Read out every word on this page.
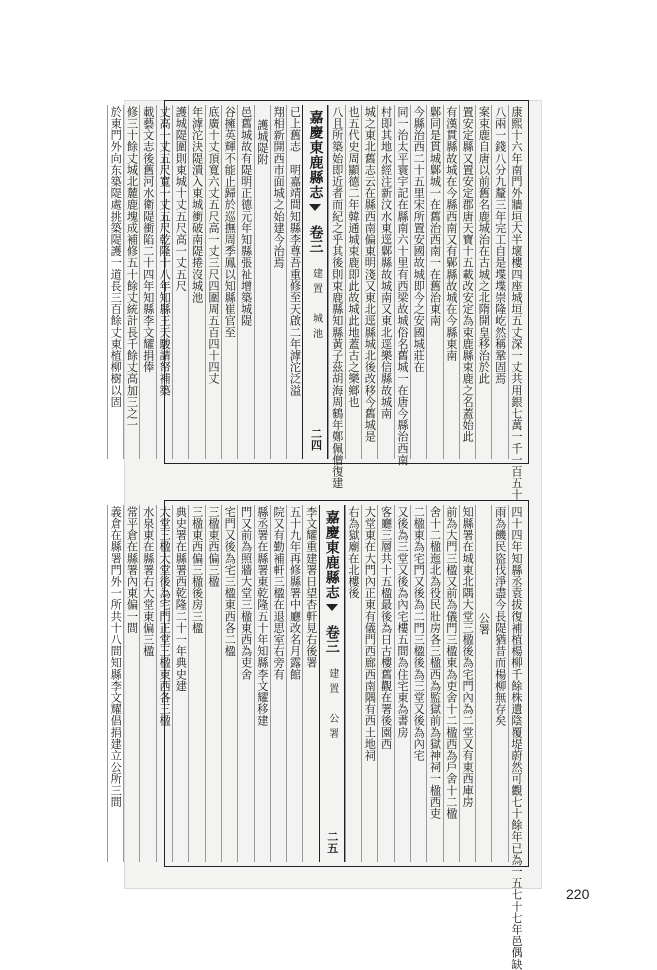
康熙十六年南門外牆垣大半壞樓四座城垣五丈深一丈共用銀七萬一千一百五十
八兩一錢八分九釐三年完工自是堞堞崇隆屹然稱鞏固焉
案束鹿自唐以前舊名鹿城治在古城之北隋開皇移治於此
置安定縣又置安定郡唐天寶十五載改安定為束鹿縣束鹿之名蓋始此
有漢貫縣故城在今縣西南又有鄡縣故城在今縣東南
鄡同是貫城鄡城一在舊治西南一在舊治東南
今縣治西二十五里宋所置安國故城即今之安國城莊在
同一治太平寰宇記在縣南六十里有西梁故城俗名舊城一在唐今縣治西南
村即其地水經注新汶水東逕鄡縣故城南又東北逕樂信縣故城南
城之東北舊志云在縣西南偏東明淺又東北逕縣城北後改移今舊城是
也五代史周顯德二年韓通城束鹿即此故城此地蓋古之樂鄉也
八且所築始即近者而紀之乎其後則束鹿縣知縣黃子茲胡海周鶴年鄭佩僧復建
嘉慶東鹿縣志
卷三
建置　城池
二四
已上舊志　明嘉靖間知縣李尊吾重修至天啟二年滹沱泛溢
翔相新開西市面城之始建今治焉
護城隄附
邑舊城故有隄明正德元年知縣張祉增築城隄
谷擁英輝不能止歸於巡撫周季鳳以知縣崔官至
底廣十丈頂寬六丈五尺高一丈三尺四圍周五百四十四丈
年滹沱決隄潰入東城衝破南隄捲沒城池
護城隄圍則東城十丈五尺高一丈五尺
丈高一丈五尺寬一丈五尺乾隆十八年知縣王天駿請帑補築
載藝文志後舊河水衛隄衝陷二十四年知縣李文耀捐俸
修三十餘丈城北麓鹿塊成補修五十餘丈統計長千餘丈高加三之一
於東門外向东築隄處挑築隄護一道長三百餘丈東植柳樹以固
四十四年知縣丞袁拔復補植楊柳千餘株遺陰覆堤蔚然可觀七十餘年已為一五七十七年邑偶缺
雨為饑民盜伐淨盡今長隄猶昔而楊柳無存矣
　　　　　　　公署
知縣署在城東北隅大堂三楹後為宅門內為二堂又有東西庫房
前為大門三楹又前為儀門三楹東為吏舍十二楹西為戶舍十二楹
舍十二楹迤北為役民壯房各三楹西為監獄前為獄神祠一楹西吏
二楹東為宅門又後為二門三楹後為三堂又後為內宅
又後為三堂又後為內宅樓五間為住宅東為書房
客廳三層共十五楹最後為日古樓舊觀在署後園西
大堂東在大門內正東有儀門西廊西南隅有西土地祠
右為獄廟在北樓後
嘉慶東鹿縣志
卷三
建置　公署
二五
李文耀重建署日望杏軒見右後署
五十九年再修縣署中廳改名月露館
院又有勤補軒三楹在退思室右旁有
縣丞署在縣署東乾隆五十年知縣李文耀移建
門又前為照牆大堂三楹東西為吏舍
宅門又後為宅三楹東西各二楹
三楹東西偏三楹
三楹東西偏三楹後房三楹
典史署在縣署西乾隆二十一年典史建
大堂三楹大堂後為宅門正堂三楹東西各三楹
水泉東在縣署右大堂東偏三楹
常平倉在縣署內東偏一間
義倉在縣署門外一所共十八間知縣李文耀倡捐建立公所三間
220
